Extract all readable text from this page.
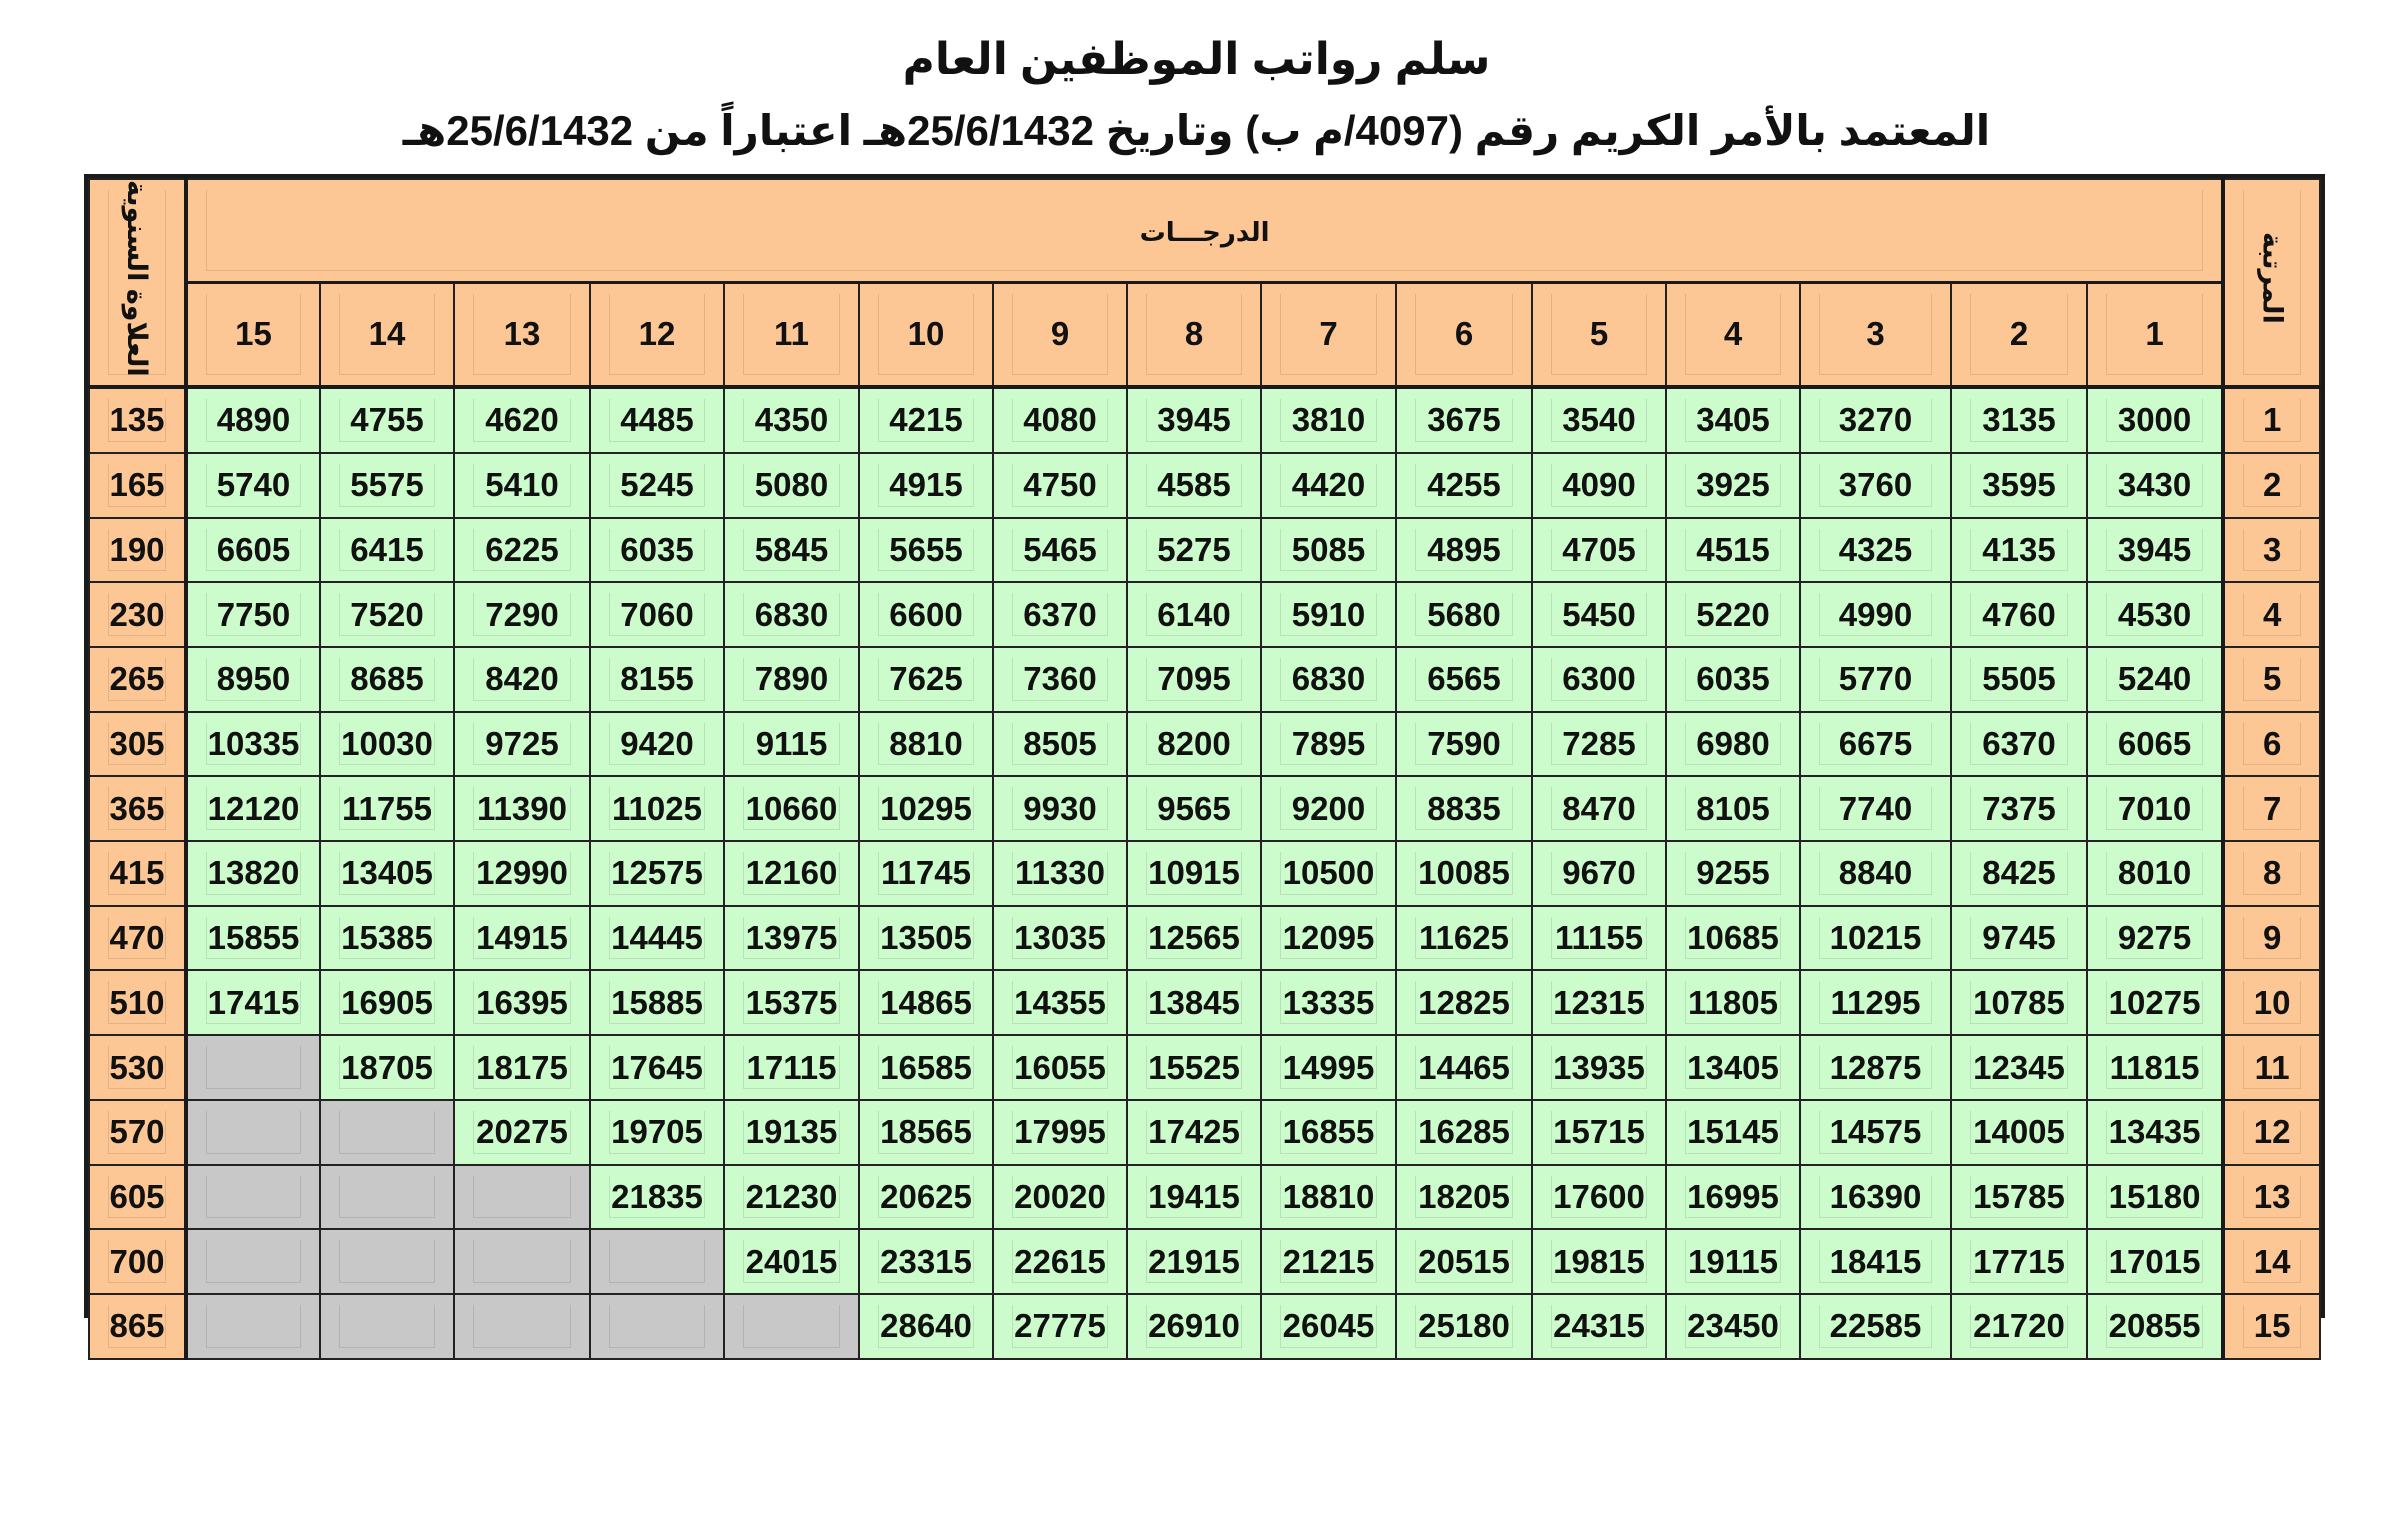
سلم رواتب الموظفين العام
المعتمد بالأمر الكريم رقم (4097/م ب) وتاريخ 25/6/1432هـ اعتباراً من 25/6/1432هـ
العلاوة السنوية	الدرجـــات															المرتبة
	15	14	13	12	11	10	9	8	7	6	5	4	3	2	1	
135	4890	4755	4620	4485	4350	4215	4080	3945	3810	3675	3540	3405	3270	3135	3000	1
165	5740	5575	5410	5245	5080	4915	4750	4585	4420	4255	4090	3925	3760	3595	3430	2
190	6605	6415	6225	6035	5845	5655	5465	5275	5085	4895	4705	4515	4325	4135	3945	3
230	7750	7520	7290	7060	6830	6600	6370	6140	5910	5680	5450	5220	4990	4760	4530	4
265	8950	8685	8420	8155	7890	7625	7360	7095	6830	6565	6300	6035	5770	5505	5240	5
305	10335	10030	9725	9420	9115	8810	8505	8200	7895	7590	7285	6980	6675	6370	6065	6
365	12120	11755	11390	11025	10660	10295	9930	9565	9200	8835	8470	8105	7740	7375	7010	7
415	13820	13405	12990	12575	12160	11745	11330	10915	10500	10085	9670	9255	8840	8425	8010	8
470	15855	15385	14915	14445	13975	13505	13035	12565	12095	11625	11155	10685	10215	9745	9275	9
510	17415	16905	16395	15885	15375	14865	14355	13845	13335	12825	12315	11805	11295	10785	10275	10
530		18705	18175	17645	17115	16585	16055	15525	14995	14465	13935	13405	12875	12345	11815	11
570			20275	19705	19135	18565	17995	17425	16855	16285	15715	15145	14575	14005	13435	12
605				21835	21230	20625	20020	19415	18810	18205	17600	16995	16390	15785	15180	13
700					24015	23315	22615	21915	21215	20515	19815	19115	18415	17715	17015	14
865						28640	27775	26910	26045	25180	24315	23450	22585	21720	20855	15
